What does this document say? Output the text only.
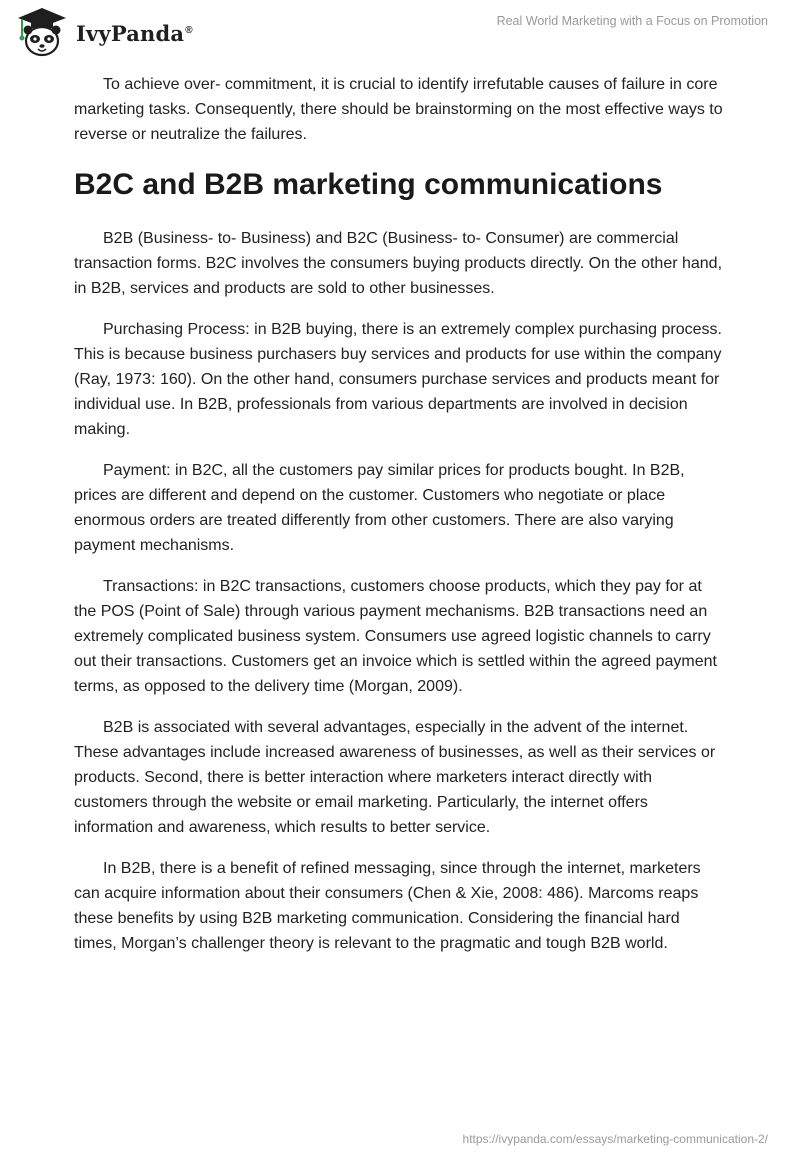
IvyPanda®
Real World Marketing with a Focus on Promotion

To achieve over- commitment, it is crucial to identify irrefutable causes of failure in core marketing tasks. Consequently, there should be brainstorming on the most effective ways to reverse or neutralize the failures.

B2C and B2B marketing communications

B2B (Business- to- Business) and B2C (Business- to- Consumer) are commercial transaction forms. B2C involves the consumers buying products directly. On the other hand, in B2B, services and products are sold to other businesses.

Purchasing Process: in B2B buying, there is an extremely complex purchasing process. This is because business purchasers buy services and products for use within the company (Ray, 1973: 160). On the other hand, consumers purchase services and products meant for individual use. In B2B, professionals from various departments are involved in decision making.

Payment: in B2C, all the customers pay similar prices for products bought. In B2B, prices are different and depend on the customer. Customers who negotiate or place enormous orders are treated differently from other customers. There are also varying payment mechanisms.

Transactions: in B2C transactions, customers choose products, which they pay for at the POS (Point of Sale) through various payment mechanisms. B2B transactions need an extremely complicated business system. Consumers use agreed logistic channels to carry out their transactions. Customers get an invoice which is settled within the agreed payment terms, as opposed to the delivery time (Morgan, 2009).

B2B is associated with several advantages, especially in the advent of the internet. These advantages include increased awareness of businesses, as well as their services or products. Second, there is better interaction where marketers interact directly with customers through the website or email marketing. Particularly, the internet offers information and awareness, which results to better service.

In B2B, there is a benefit of refined messaging, since through the internet, marketers can acquire information about their consumers (Chen & Xie, 2008: 486). Marcoms reaps these benefits by using B2B marketing communication. Considering the financial hard times, Morgan’s challenger theory is relevant to the pragmatic and tough B2B world.

https://ivypanda.com/essays/marketing-communication-2/
